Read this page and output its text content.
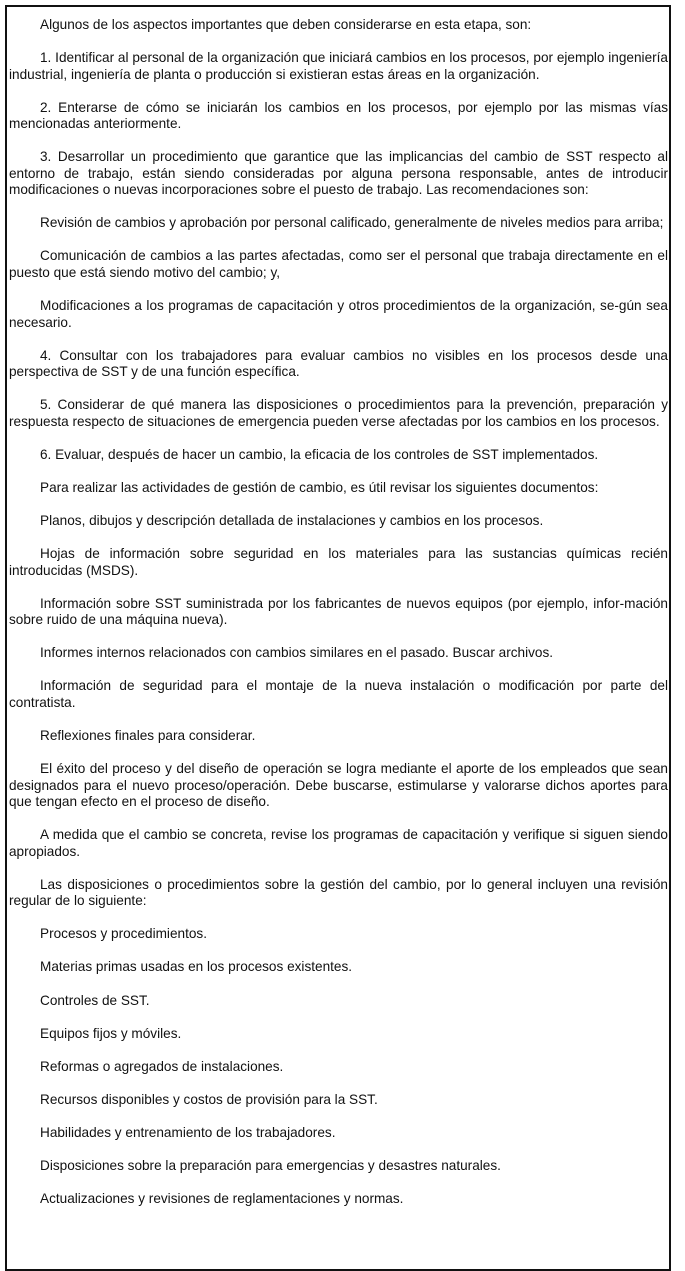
Algunos de los aspectos importantes que deben considerarse en esta etapa, son:

1. Identificar al personal de la organización que iniciará cambios en los procesos, por ejemplo ingeniería industrial, ingeniería de planta o producción si existieran estas áreas en la organización.

2. Enterarse de cómo se iniciarán los cambios en los procesos, por ejemplo por las mismas vías mencionadas anteriormente.

3. Desarrollar un procedimiento que garantice que las implicancias del cambio de SST respecto al entorno de trabajo, están siendo consideradas por alguna persona responsable, antes de introducir modificaciones o nuevas incorporaciones sobre el puesto de trabajo. Las recomendaciones son:

Revisión de cambios y aprobación por personal calificado, generalmente de niveles medios para arriba;

Comunicación de cambios a las partes afectadas, como ser el personal que trabaja directamente en el puesto que está siendo motivo del cambio; y,

Modificaciones a los programas de capacitación y otros procedimientos de la organización, se-gún sea necesario.

4. Consultar con los trabajadores para evaluar cambios no visibles en los procesos desde una perspectiva de SST y de una función específica.

5. Considerar de qué manera las disposiciones o procedimientos para la prevención, preparación y respuesta respecto de situaciones de emergencia pueden verse afectadas por los cambios en los procesos.

6. Evaluar, después de hacer un cambio, la eficacia de los controles de SST implementados.

Para realizar las actividades de gestión de cambio, es útil revisar los siguientes documentos:

Planos, dibujos y descripción detallada de instalaciones y cambios en los procesos.

Hojas de información sobre seguridad en los materiales para las sustancias químicas recién introducidas (MSDS).

Información sobre SST suministrada por los fabricantes de nuevos equipos (por ejemplo, infor-mación sobre ruido de una máquina nueva).

Informes internos relacionados con cambios similares en el pasado. Buscar archivos.

Información de seguridad para el montaje de la nueva instalación o modificación por parte del contratista.

Reflexiones finales para considerar.

El éxito del proceso y del diseño de operación se logra mediante el aporte de los empleados que sean designados para el nuevo proceso/operación. Debe buscarse, estimularse y valorarse dichos aportes para que tengan efecto en el proceso de diseño.

A medida que el cambio se concreta, revise los programas de capacitación y verifique si siguen siendo apropiados.

Las disposiciones o procedimientos sobre la gestión del cambio, por lo general incluyen una revisión regular de lo siguiente:

Procesos y procedimientos.

Materias primas usadas en los procesos existentes.

Controles de SST.

Equipos fijos y móviles.

Reformas o agregados de instalaciones.

Recursos disponibles y costos de provisión para la SST.

Habilidades y entrenamiento de los trabajadores.

Disposiciones sobre la preparación para emergencias y desastres naturales.

Actualizaciones y revisiones de reglamentaciones y normas.
